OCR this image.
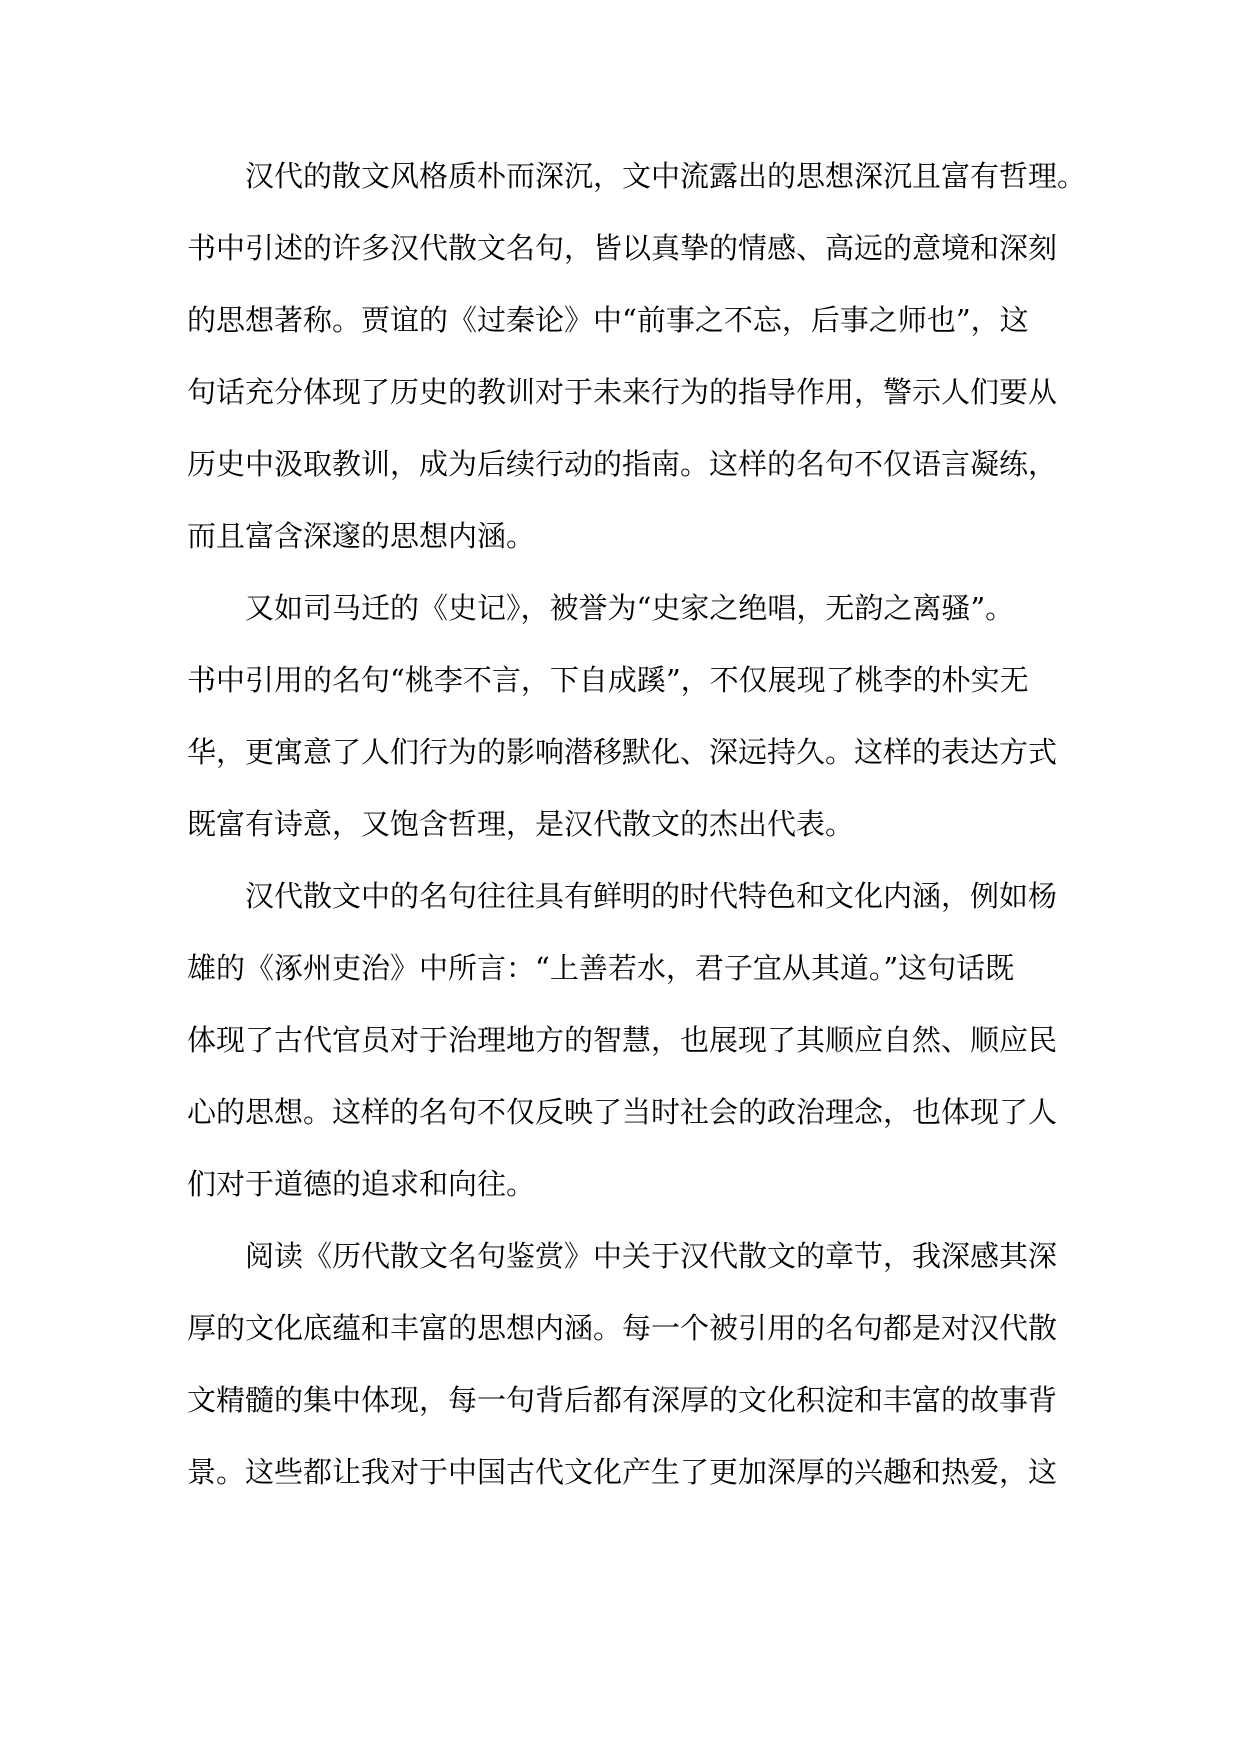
汉代的散文风格质朴而深沉，文中流露出的思想深沉且富有哲理。
书中引述的许多汉代散文名句，皆以真挚的情感、高远的意境和深刻
的思想著称。贾谊的《过秦论》中“前事之不忘，后事之师也”，这
句话充分体现了历史的教训对于未来行为的指导作用，警示人们要从
历史中汲取教训，成为后续行动的指南。这样的名句不仅语言凝练，
而且富含深邃的思想内涵。
又如司马迁的《史记》，被誉为“史家之绝唱，无韵之离骚”。
书中引用的名句“桃李不言，下自成蹊”，不仅展现了桃李的朴实无
华，更寓意了人们行为的影响潜移默化、深远持久。这样的表达方式
既富有诗意，又饱含哲理，是汉代散文的杰出代表。
汉代散文中的名句往往具有鲜明的时代特色和文化内涵，例如杨
雄的《涿州吏治》中所言：“上善若水，君子宜从其道。”这句话既
体现了古代官员对于治理地方的智慧，也展现了其顺应自然、顺应民
心的思想。这样的名句不仅反映了当时社会的政治理念，也体现了人
们对于道德的追求和向往。
阅读《历代散文名句鉴赏》中关于汉代散文的章节，我深感其深
厚的文化底蕴和丰富的思想内涵。每一个被引用的名句都是对汉代散
文精髓的集中体现，每一句背后都有深厚的文化积淀和丰富的故事背
景。这些都让我对于中国古代文化产生了更加深厚的兴趣和热爱，这
